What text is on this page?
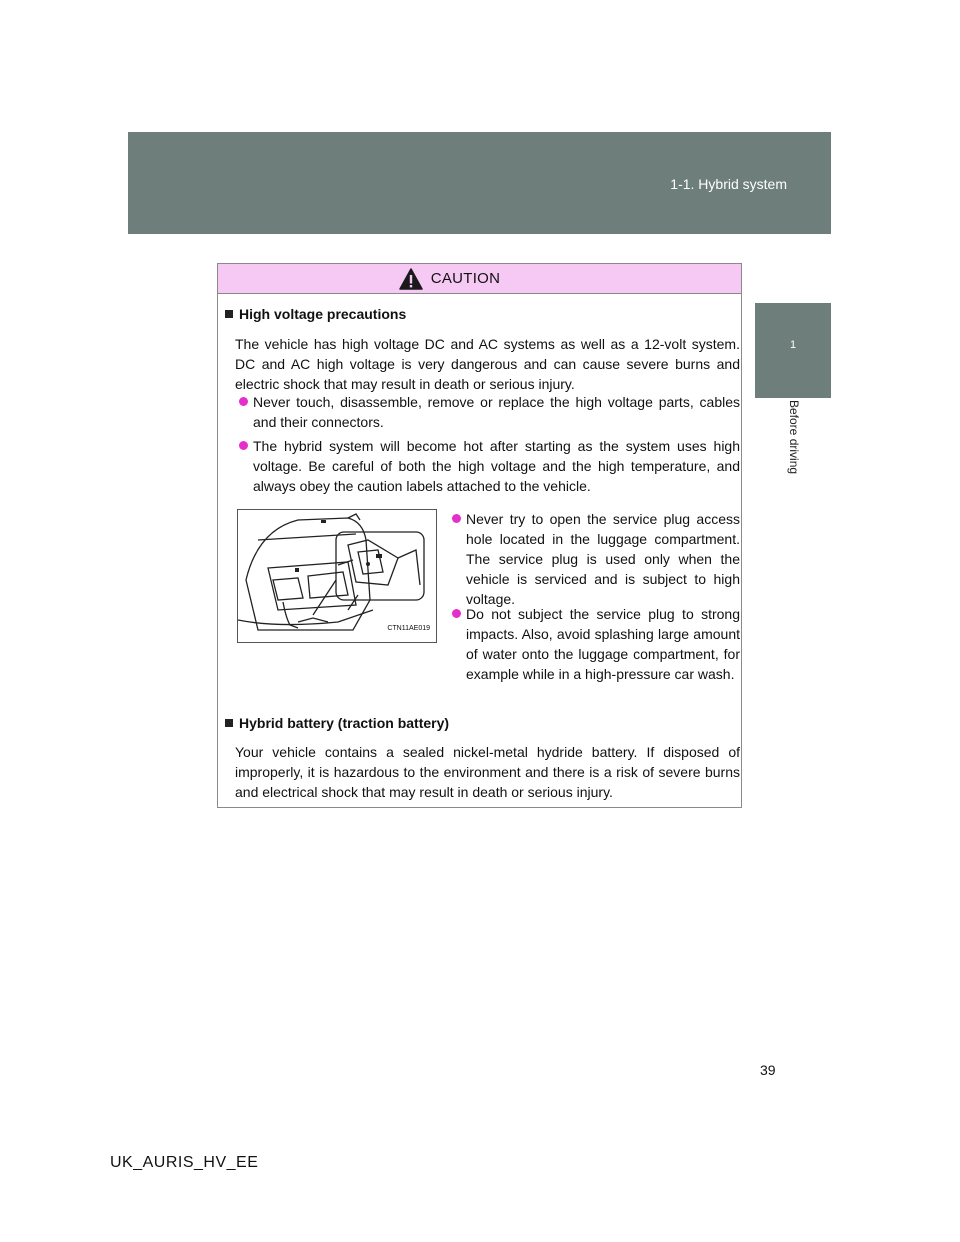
1-1. Hybrid system
1
Before driving
CAUTION
High voltage precautions
The vehicle has high voltage DC and AC systems as well as a 12-volt system. DC and AC high voltage is very dangerous and can cause severe burns and electric shock that may result in death or serious injury.
Never touch, disassemble, remove or replace the high voltage parts, cables and their connectors.
The hybrid system will become hot after starting as the system uses high voltage. Be careful of both the high voltage and the high temperature, and always obey the caution labels attached to the vehicle.
CTN11AE019
Never try to open the service plug access hole located in the luggage compartment. The service plug is used only when the vehicle is serviced and is subject to high voltage.
Do not subject the service plug to strong impacts. Also, avoid splashing large amount of water onto the luggage compartment, for example while in a high-pressure car wash.
Hybrid battery (traction battery)
Your vehicle contains a sealed nickel-metal hydride battery. If disposed of improperly, it is hazardous to the environment and there is a risk of severe burns and electrical shock that may result in death or serious injury.
39
UK_AURIS_HV_EE
